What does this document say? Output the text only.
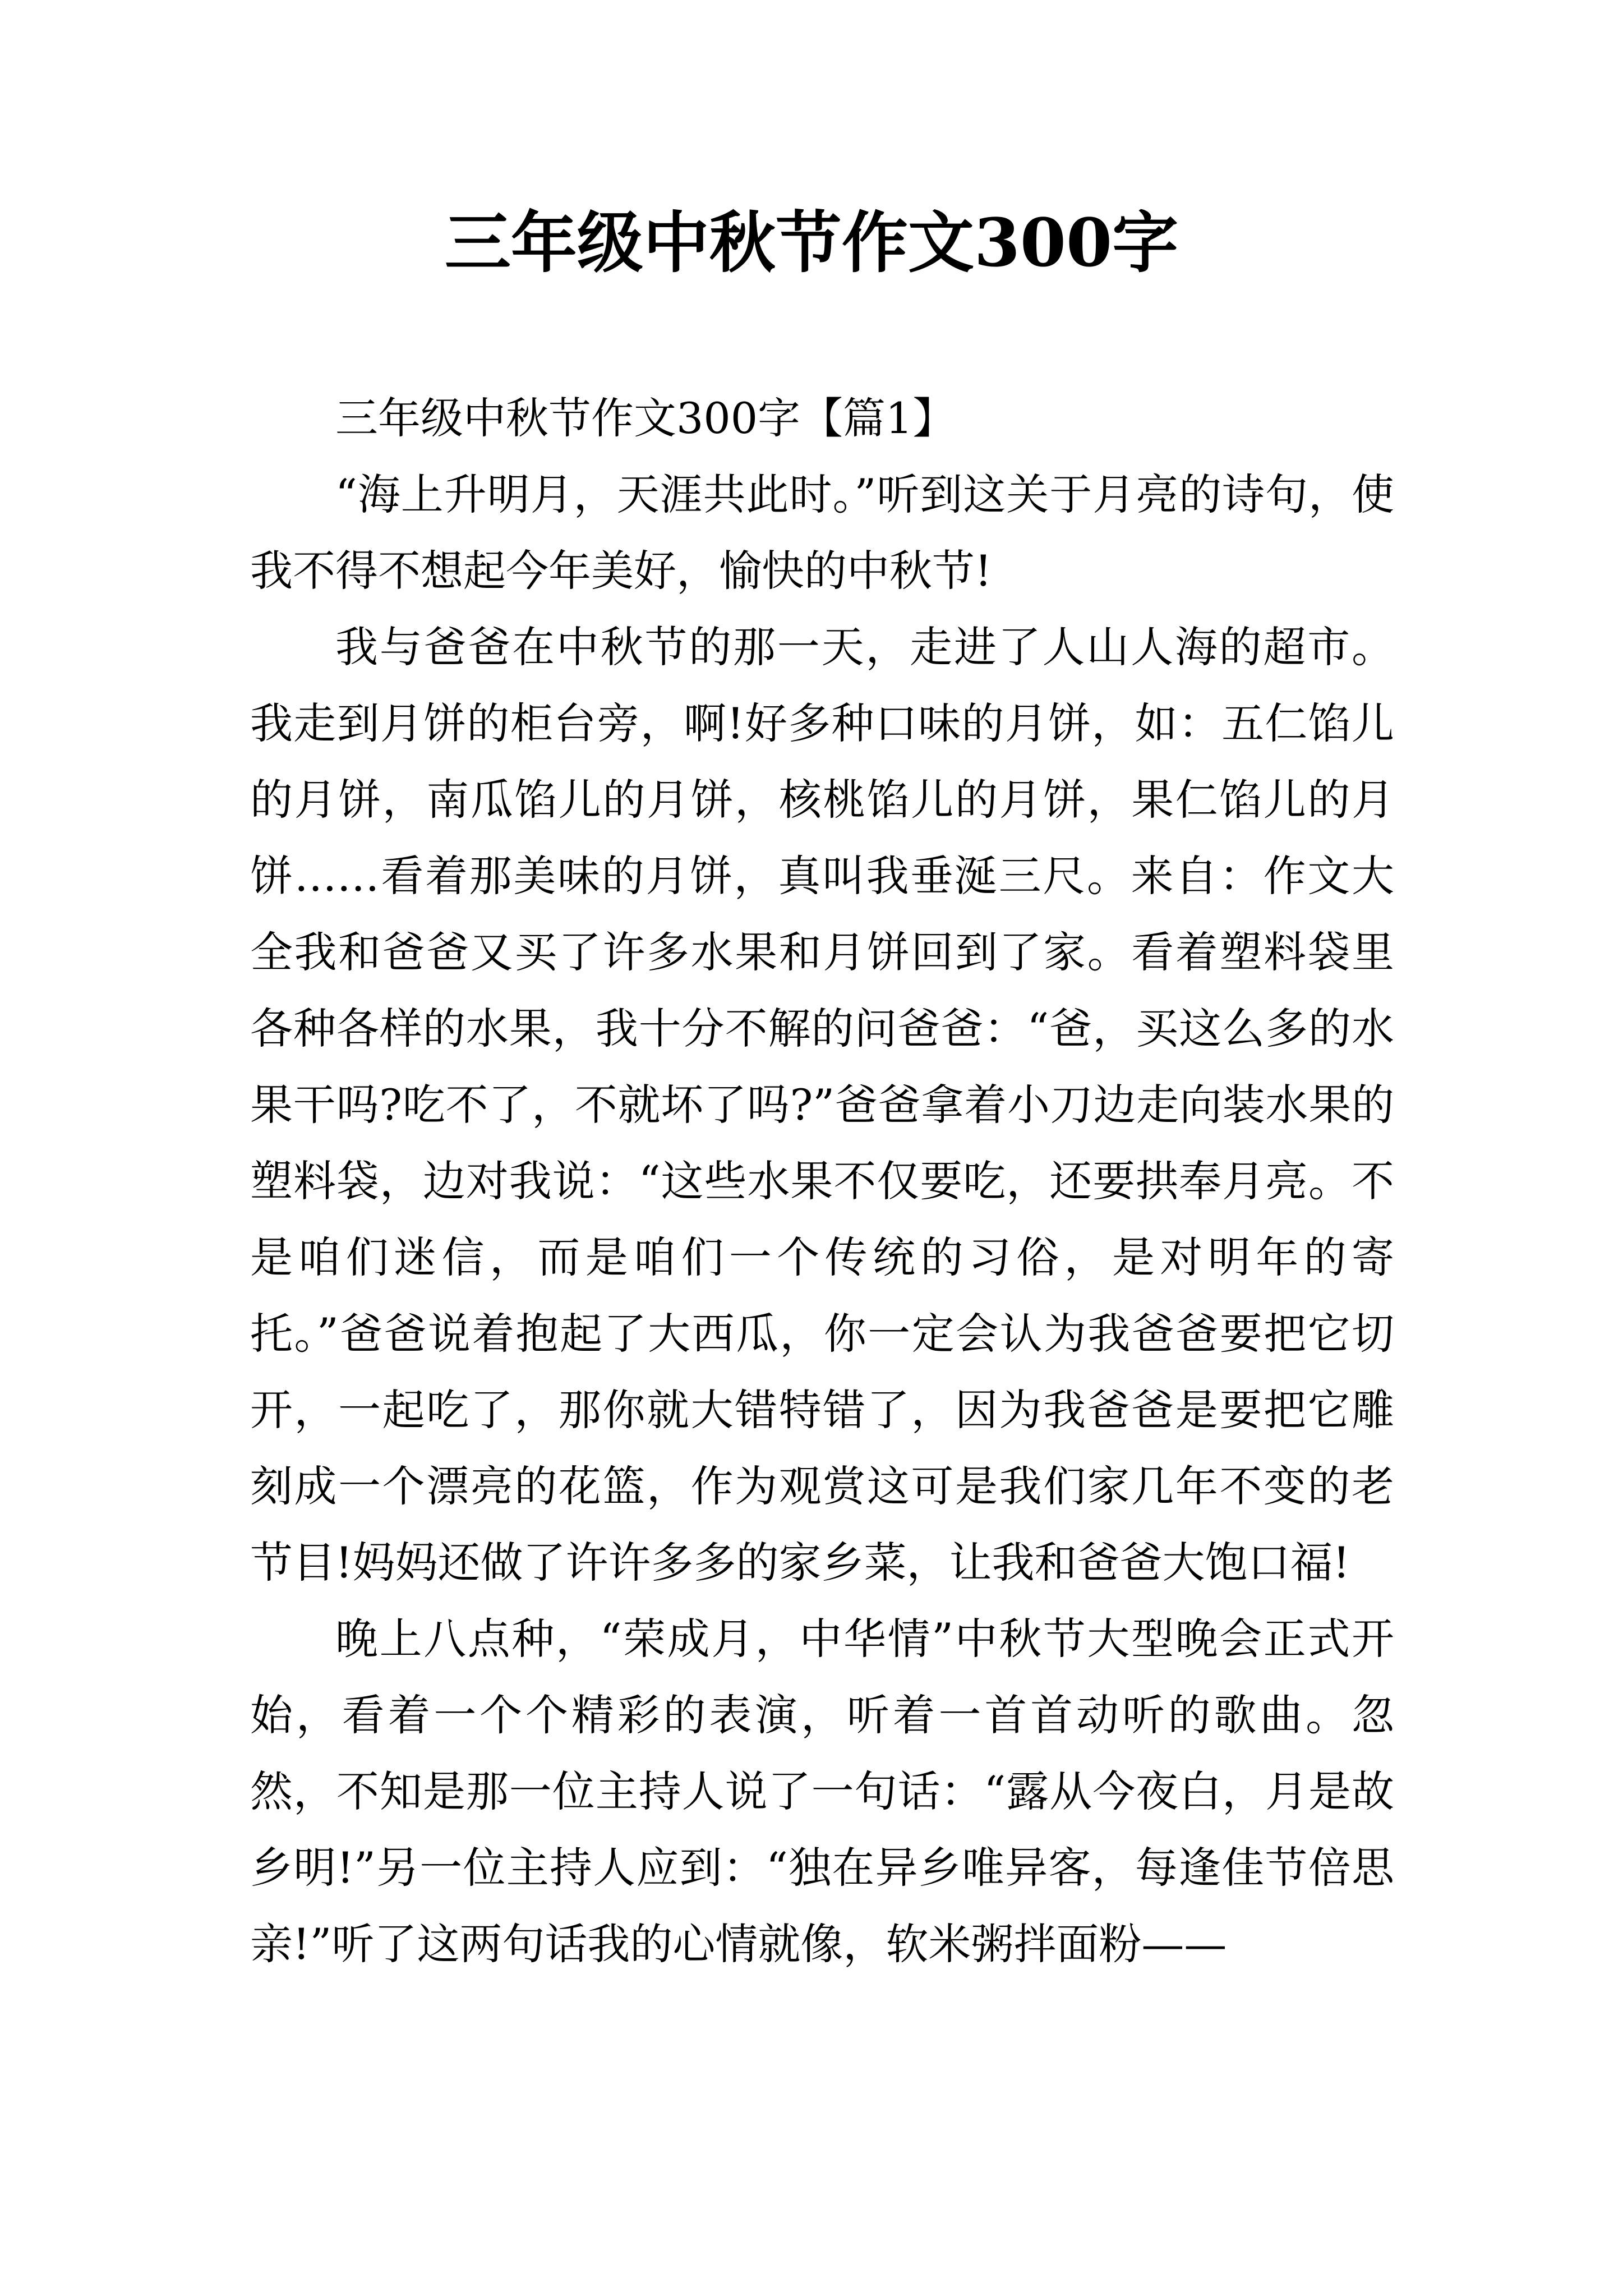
三年级中秋节作文300字

三年级中秋节作文300字【篇1】

“海上升明月，天涯共此时。”听到这关于月亮的诗句，使我不得不想起今年美好，愉快的中秋节!

我与爸爸在中秋节的那一天，走进了人山人海的超市。我走到月饼的柜台旁，啊!好多种口味的月饼，如：五仁馅儿的月饼，南瓜馅儿的月饼，核桃馅儿的月饼，果仁馅儿的月饼……看着那美味的月饼，真叫我垂涎三尺。来自：作文大全我和爸爸又买了许多水果和月饼回到了家。看着塑料袋里各种各样的水果，我十分不解的问爸爸：“爸，买这么多的水果干吗?吃不了，不就坏了吗?”爸爸拿着小刀边走向装水果的塑料袋，边对我说：“这些水果不仅要吃，还要拱奉月亮。不是咱们迷信，而是咱们一个传统的习俗，是对明年的寄托。”爸爸说着抱起了大西瓜，你一定会认为我爸爸要把它切开，一起吃了，那你就大错特错了，因为我爸爸是要把它雕刻成一个漂亮的花篮，作为观赏这可是我们家几年不变的老节目!妈妈还做了许许多多的家乡菜，让我和爸爸大饱口福!

晚上八点种，“荣成月，中华情”中秋节大型晚会正式开始，看着一个个精彩的表演，听着一首首动听的歌曲。忽然，不知是那一位主持人说了一句话：“露从今夜白，月是故乡明!”另一位主持人应到：“独在异乡唯异客，每逢佳节倍思亲!”听了这两句话我的心情就像，软米粥拌面粉——
